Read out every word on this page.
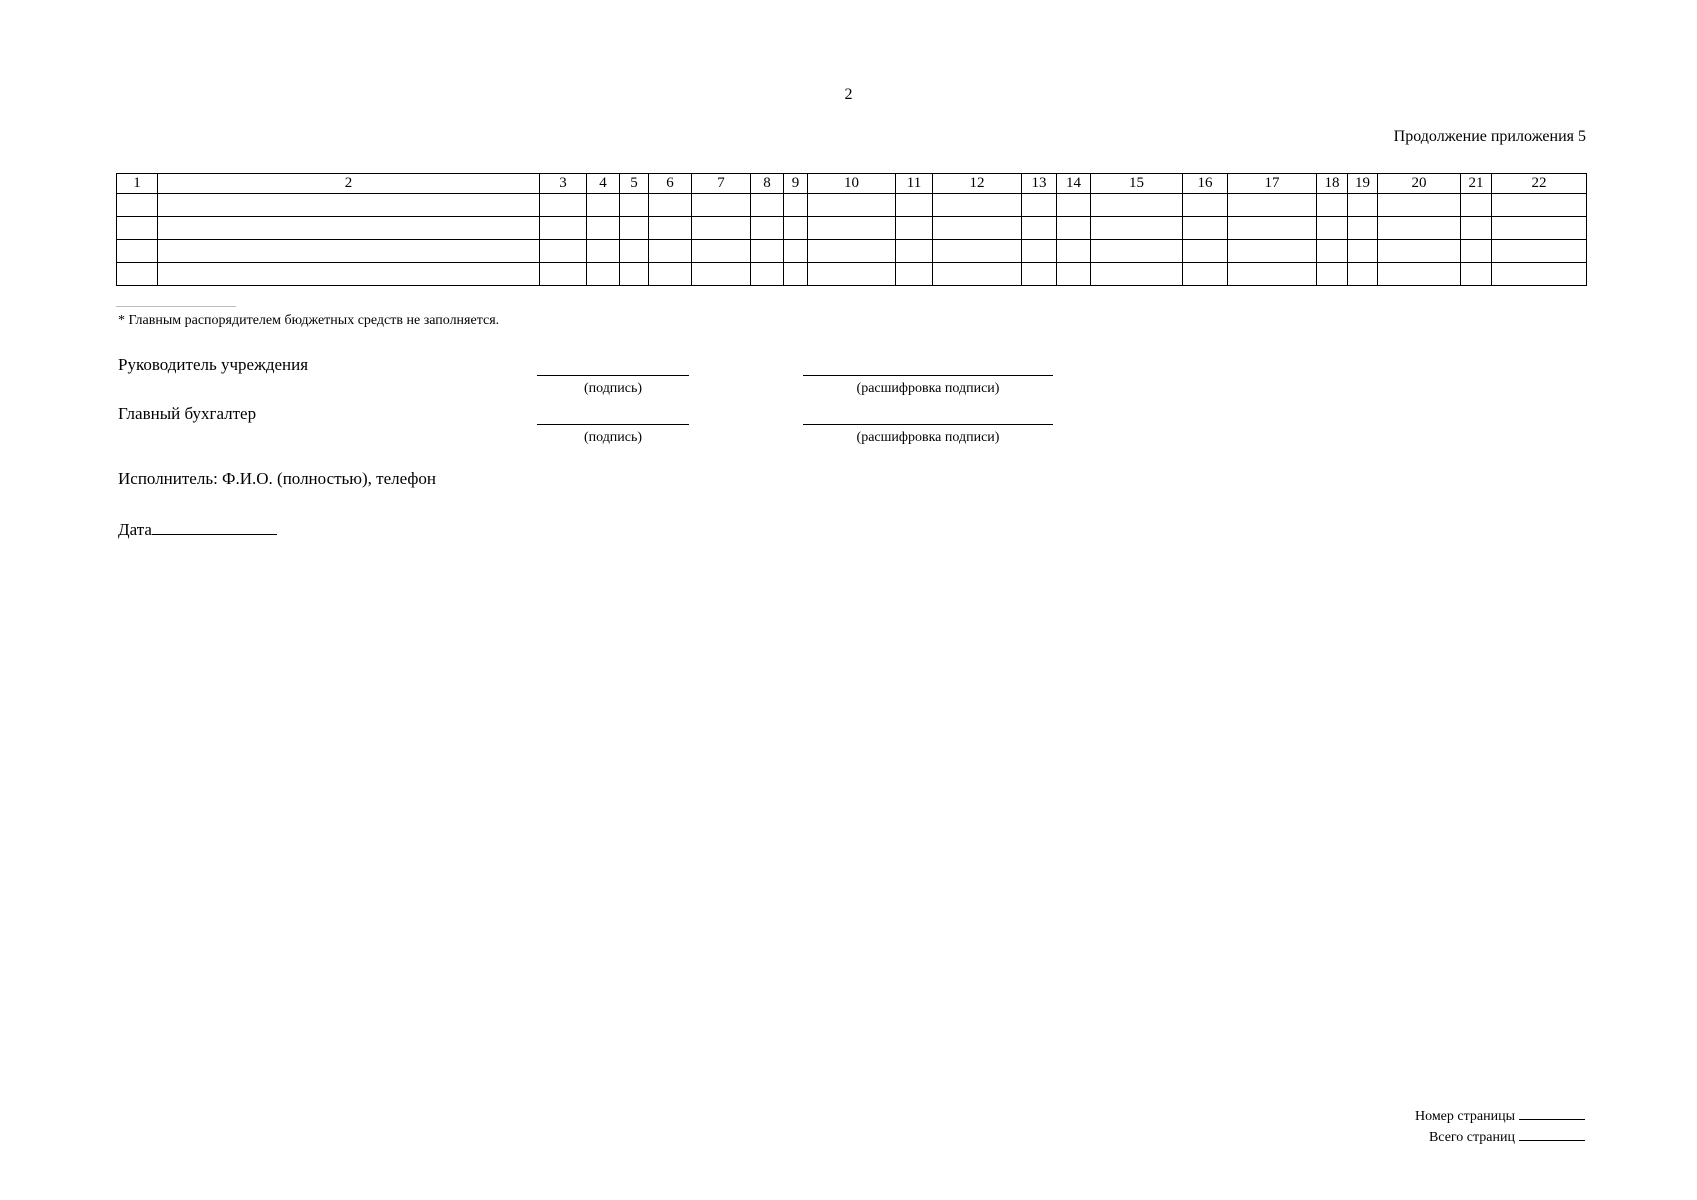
2
Продолжение приложения 5
1	2	3	4	5	6	7	8	9	10	11	12	13	14	15	16	17	18	19	20	21	22

* Главным распорядителем бюджетных средств не заполняется.
Руководитель учреждения
(подпись)	(расшифровка подписи)
Главный бухгалтер
(подпись)	(расшифровка подписи)
Исполнитель: Ф.И.О. (полностью), телефон
Дата
Номер страницы
Всего страниц
